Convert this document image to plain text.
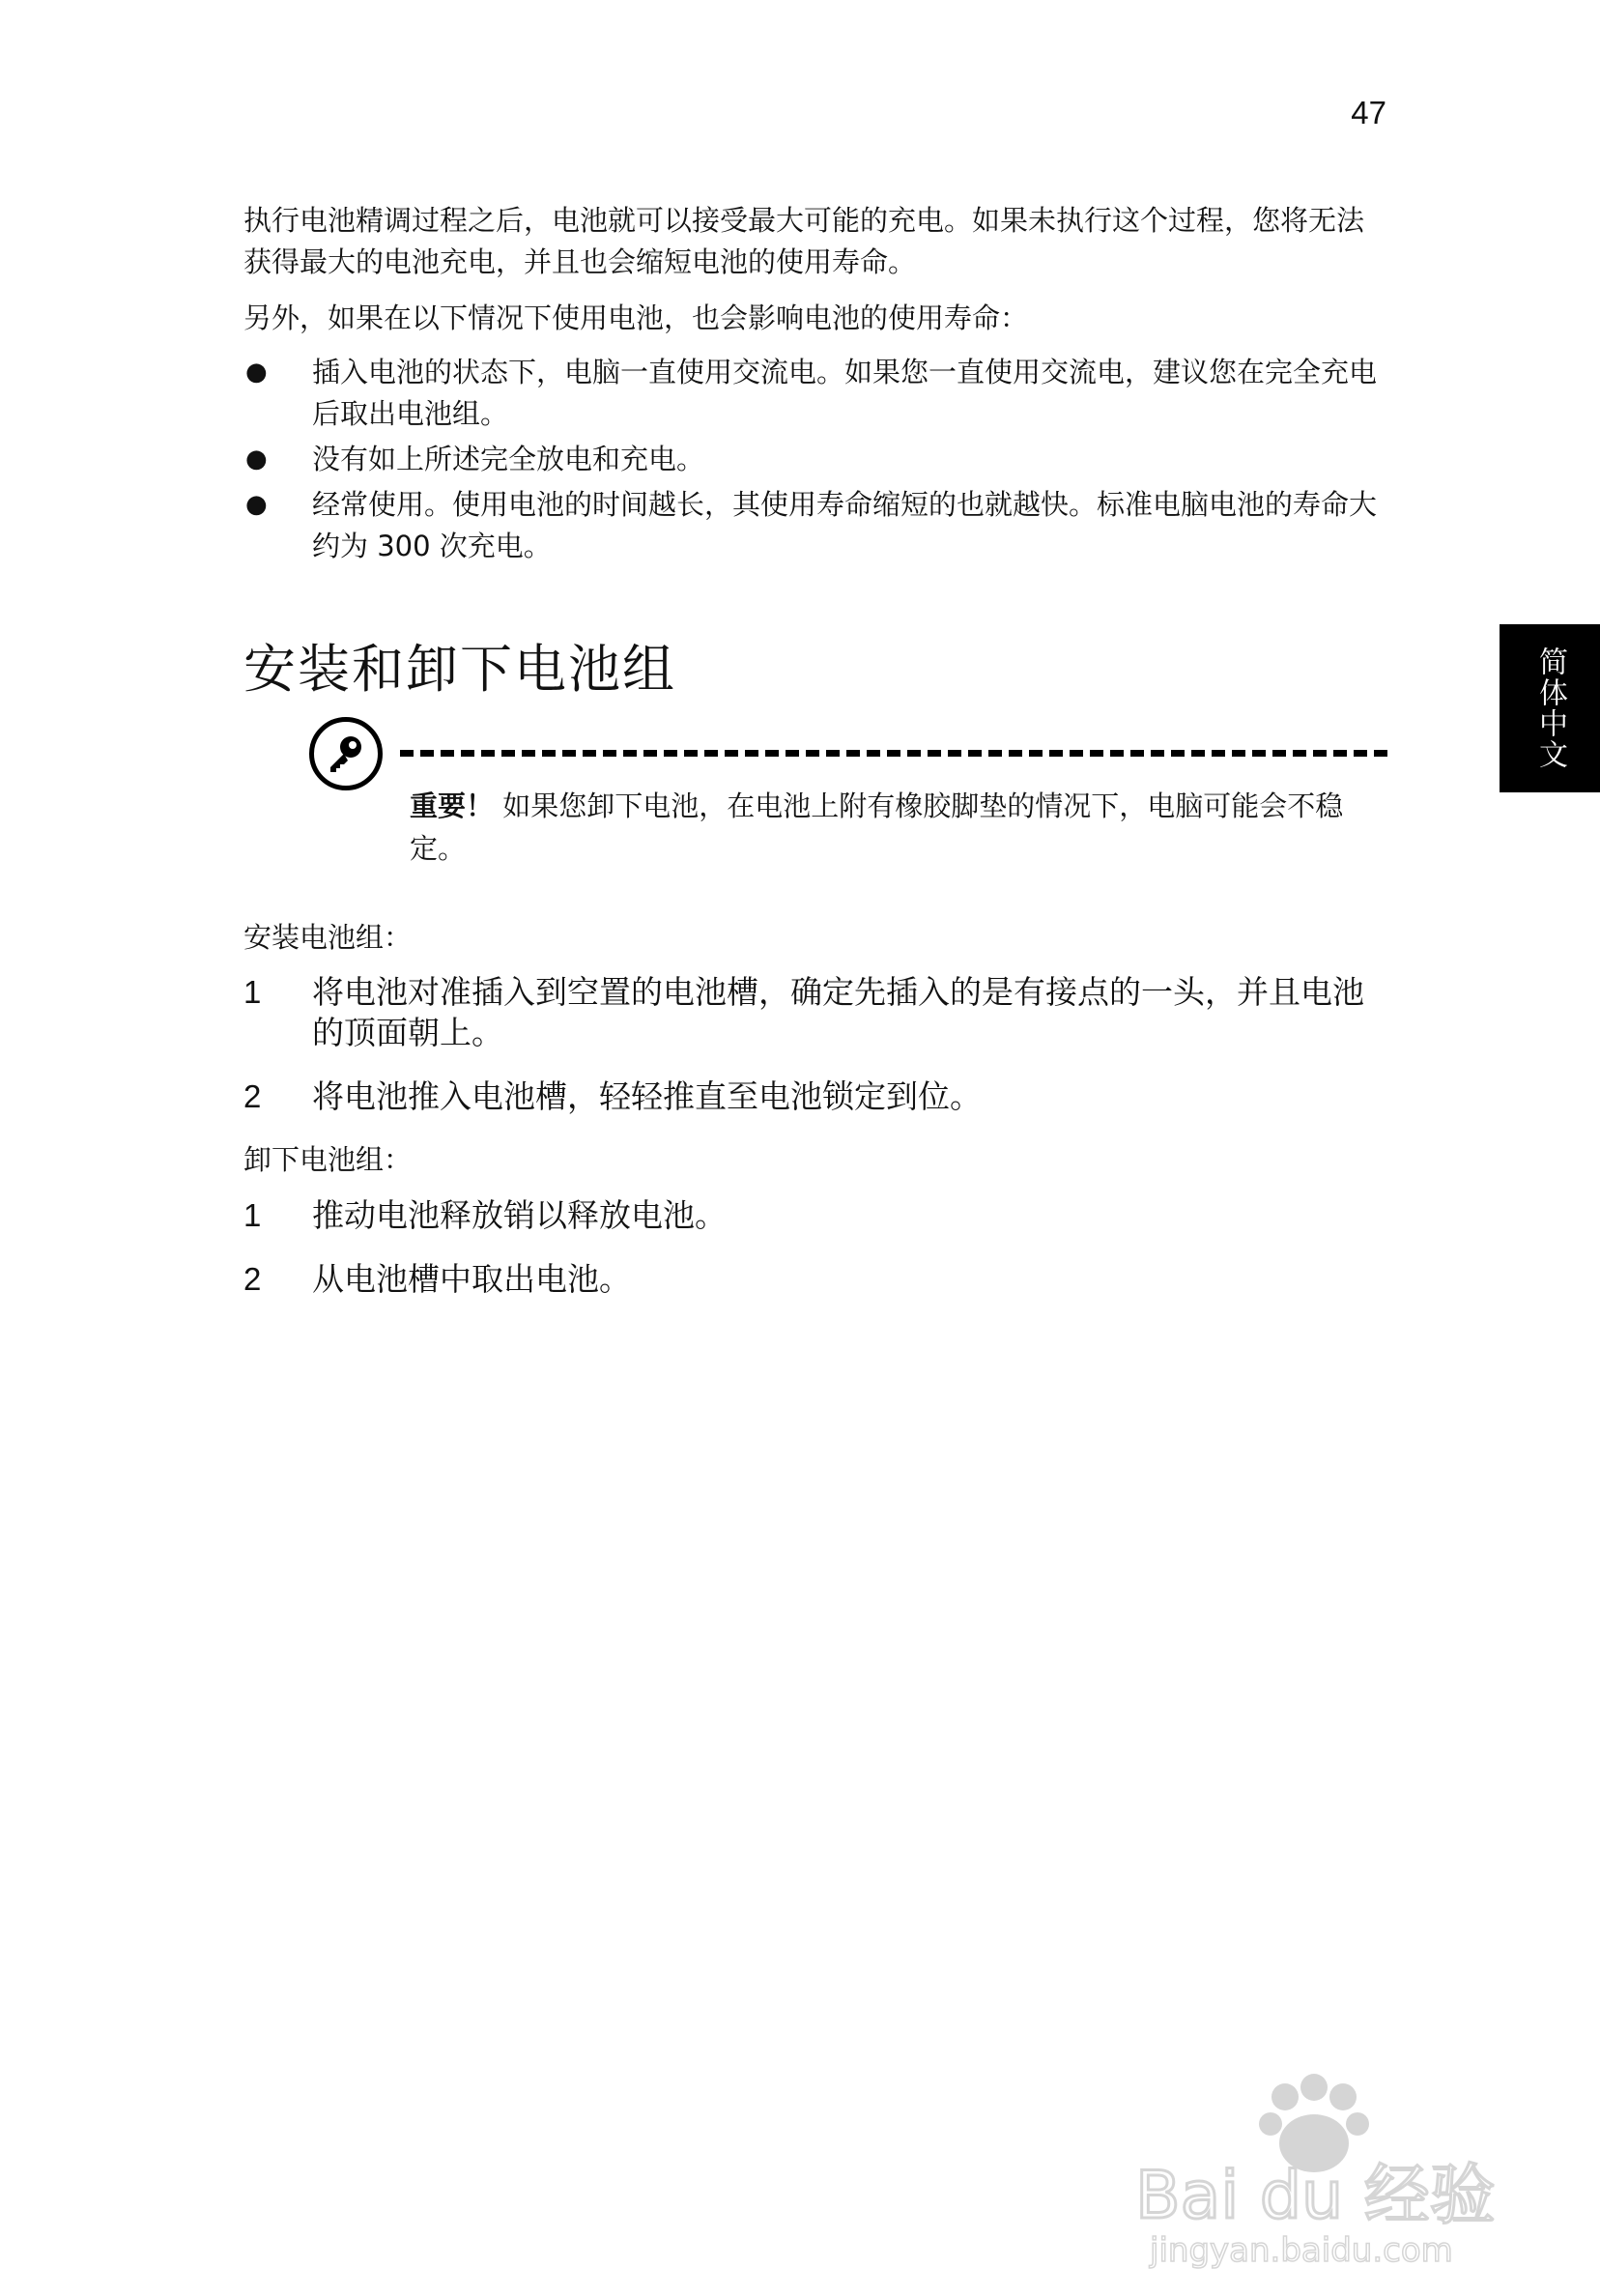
47
简体中文

执行电池精调过程之后，电池就可以接受最大可能的充电。如果未执行这个过程，您将无法获得最大的电池充电，并且也会缩短电池的使用寿命。

另外，如果在以下情况下使用电池，也会影响电池的使用寿命：

● 插入电池的状态下，电脑一直使用交流电。如果您一直使用交流电，建议您在完全充电后取出电池组。
● 没有如上所述完全放电和充电。
● 经常使用。使用电池的时间越长，其使用寿命缩短的也就越快。标准电脑电池的寿命大约为 300 次充电。
安装和卸下电池组

重要！ 如果您卸下电池，在电池上附有橡胶脚垫的情况下，电脑可能会不稳定。

安装电池组：

1 将电池对准插入到空置的电池槽，确定先插入的是有接点的一头，并且电池的顶面朝上。
2 将电池推入电池槽，轻轻推直至电池锁定到位。

卸下电池组：

1 推动电池释放销以释放电池。
2 从电池槽中取出电池。
Bai du 经验
jingyan.baidu.com
